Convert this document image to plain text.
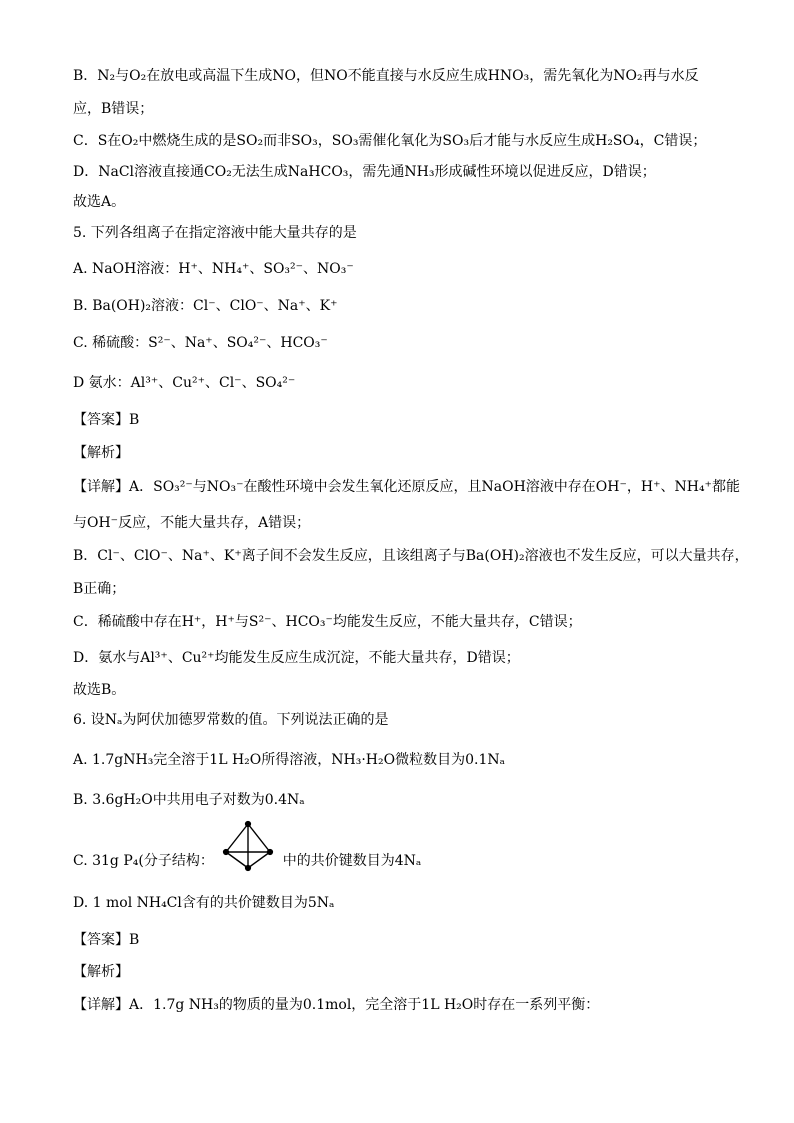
B．N₂与O₂在放电或高温下生成NO，但NO不能直接与水反应生成HNO₃，需先氧化为NO₂再与水反
应，B错误；
C．S在O₂中燃烧生成的是SO₂而非SO₃，SO₃需催化氧化为SO₃后才能与水反应生成H₂SO₄，C错误；
D．NaCl溶液直接通CO₂无法生成NaHCO₃，需先通NH₃形成碱性环境以促进反应，D错误；
故选A。
5. 下列各组离子在指定溶液中能大量共存的是
A. NaOH溶液：H⁺、NH₄⁺、SO₃²⁻、NO₃⁻
B. Ba(OH)₂溶液：Cl⁻、ClO⁻、Na⁺、K⁺
C. 稀硫酸：S²⁻、Na⁺、SO₄²⁻、HCO₃⁻
D 氨水：Al³⁺、Cu²⁺、Cl⁻、SO₄²⁻
【答案】B
【解析】
【详解】A．SO₃²⁻与NO₃⁻在酸性环境中会发生氧化还原反应，且NaOH溶液中存在OH⁻，H⁺、NH₄⁺都能
与OH⁻反应，不能大量共存，A错误；
B．Cl⁻、ClO⁻、Na⁺、K⁺离子间不会发生反应，且该组离子与Ba(OH)₂溶液也不发生反应，可以大量共存，
B正确；
C．稀硫酸中存在H⁺，H⁺与S²⁻、HCO₃⁻均能发生反应，不能大量共存，C错误；
D．氨水与Al³⁺、Cu²⁺均能发生反应生成沉淀，不能大量共存，D错误；
故选B。
6. 设Nₐ为阿伏加德罗常数的值。下列说法正确的是
A. 1.7gNH₃完全溶于1L H₂O所得溶液，NH₃·H₂O微粒数目为0.1Nₐ
B. 3.6gH₂O中共用电子对数为0.4Nₐ
C. 31g P₄(分子结构：	中的共价键数目为4Nₐ
D. 1 mol NH₄Cl含有的共价键数目为5Nₐ
【答案】B
【解析】
【详解】A．1.7g NH₃的物质的量为0.1mol，完全溶于1L H₂O时存在一系列平衡：
